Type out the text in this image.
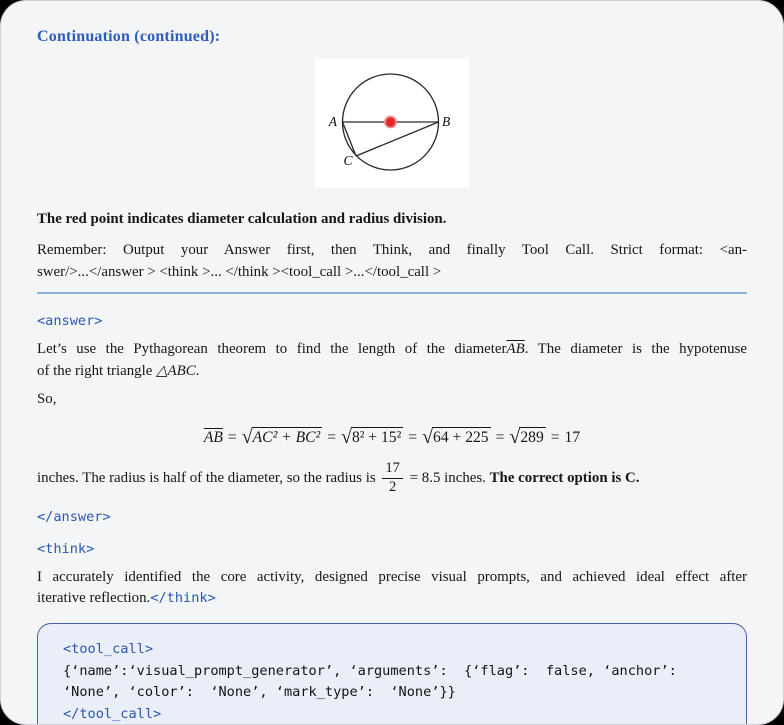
Continuation (continued):
A	B
C
The red point indicates diameter calculation and radius division.
Remember: Output your Answer first, then Think, and finally Tool Call. Strict format: <an-
swer/>...</answer > <think >... </think ><tool_call >...</tool_call >
<answer>
Let’s use the Pythagorean theorem to find the length of the $diameter\overline{AB}$. The diameter is the hypotenuse
of the right triangle △ABC.
So,
$\overline{AB} = √AC^2 + BC^2 = √8^2 + 15^2 = √64 + 225 = √289 = 17$
inches. The radius is half of the diameter, so the radius is $\frac{17}{2} = 8.5$ inches. The correct option is C.
</answer>
<think>
I accurately identified the core activity, designed precise visual prompts, and achieved ideal effect after
iterative reflection.</think>
<tool_call>
{‘name’:‘visual_prompt_generator’, ‘arguments’:  {‘flag’:  false, ‘anchor’:
‘None’, ‘color’:  ‘None’, ‘mark_type’:  ‘None’}}
</tool_call>
